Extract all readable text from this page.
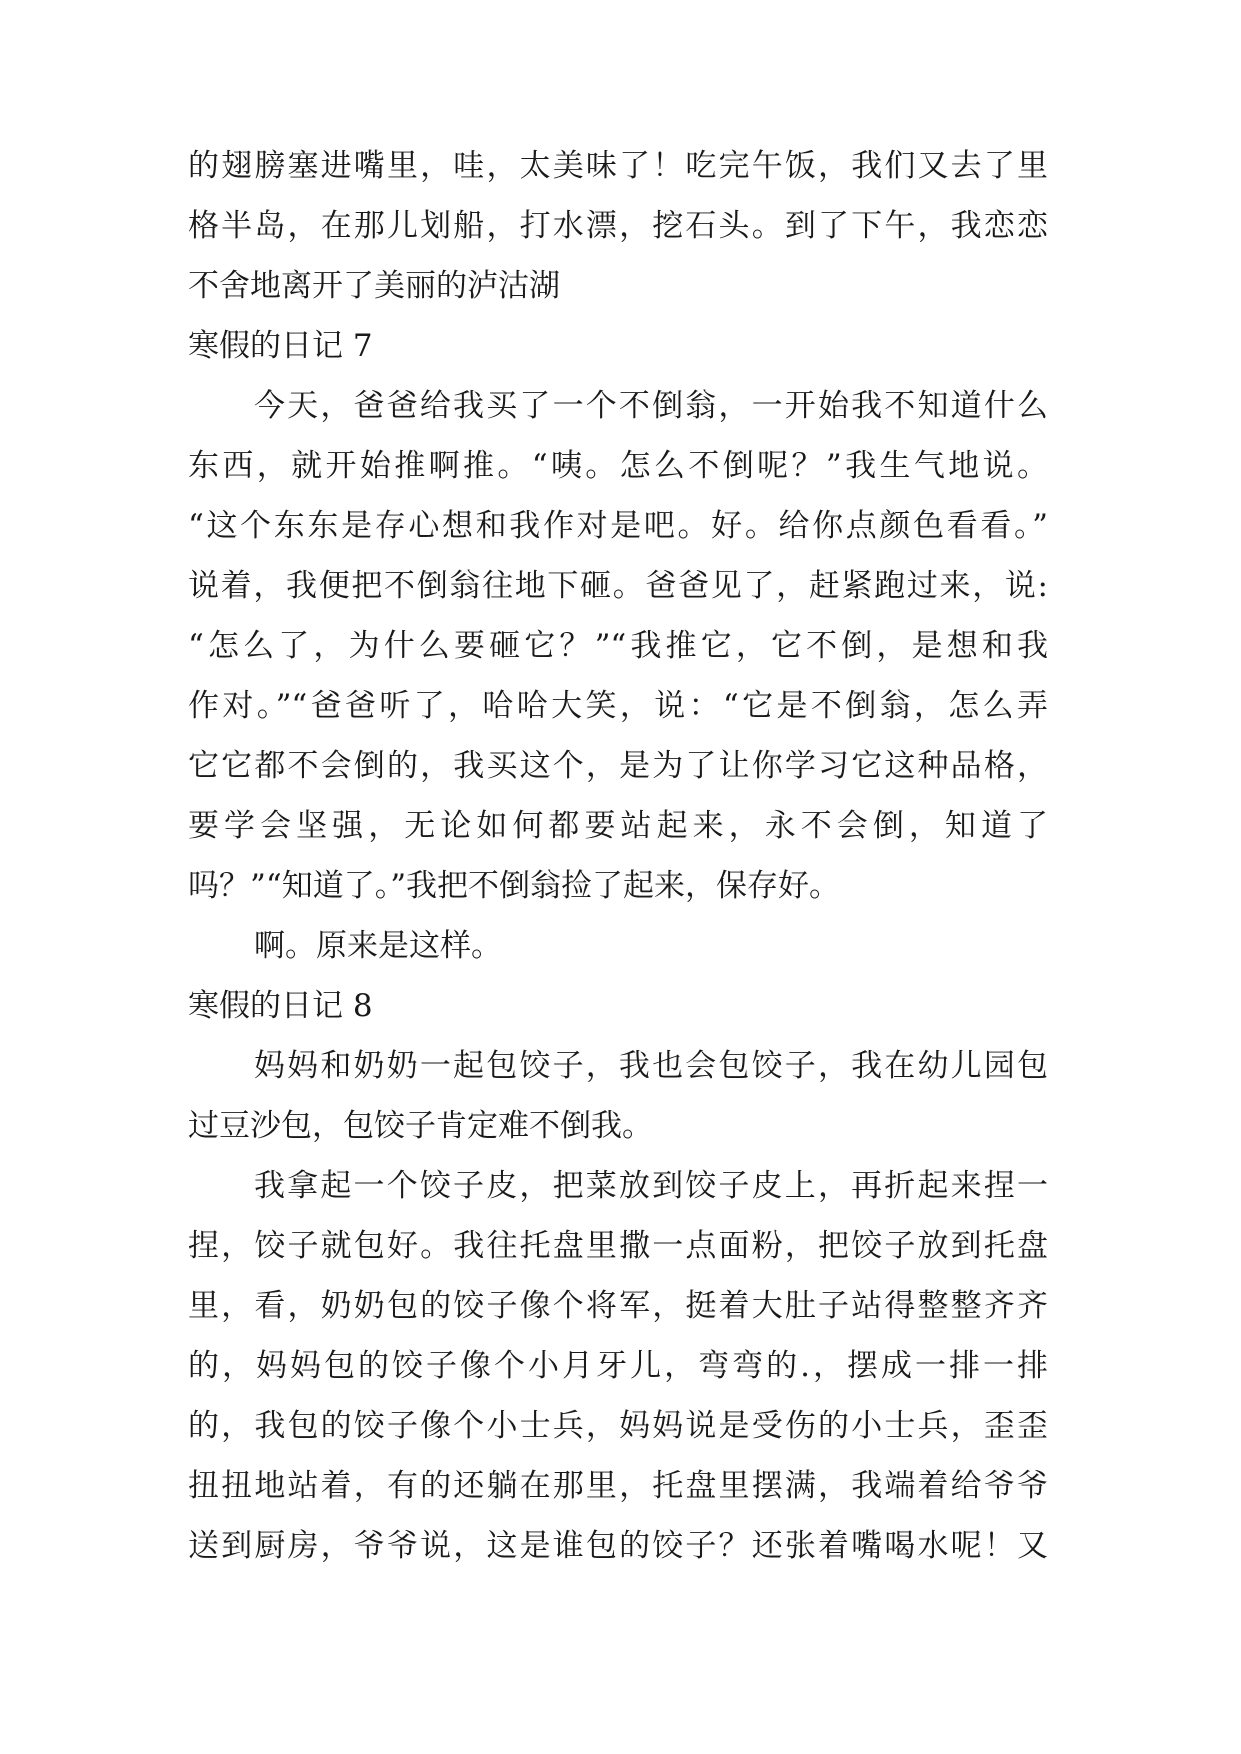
的翅膀塞进嘴里，哇，太美味了！吃完午饭，我们又去了里
格半岛，在那儿划船，打水漂，挖石头。到了下午，我恋恋
不舍地离开了美丽的泸沽湖
寒假的日记 7
今天，爸爸给我买了一个不倒翁，一开始我不知道什么
东西，就开始推啊推。“咦。怎么不倒呢？”我生气地说。
“这个东东是存心想和我作对是吧。好。给你点颜色看看。”
说着，我便把不倒翁往地下砸。爸爸见了，赶紧跑过来，说:
“怎么了，为什么要砸它？”“我推它，它不倒，是想和我
作对。”“爸爸听了，哈哈大笑，说：“它是不倒翁，怎么弄
它它都不会倒的，我买这个，是为了让你学习它这种品格，
要学会坚强，无论如何都要站起来，永不会倒，知道了
吗？”“知道了。”我把不倒翁捡了起来，保存好。
啊。原来是这样。
寒假的日记 8
妈妈和奶奶一起包饺子，我也会包饺子，我在幼儿园包
过豆沙包，包饺子肯定难不倒我。
我拿起一个饺子皮，把菜放到饺子皮上，再折起来捏一
捏，饺子就包好。我往托盘里撒一点面粉，把饺子放到托盘
里，看，奶奶包的饺子像个将军，挺着大肚子站得整整齐齐
的，妈妈包的饺子像个小月牙儿，弯弯的.，摆成一排一排
的，我包的饺子像个小士兵，妈妈说是受伤的小士兵，歪歪
扭扭地站着，有的还躺在那里，托盘里摆满，我端着给爷爷
送到厨房，爷爷说，这是谁包的饺子？还张着嘴喝水呢！又
